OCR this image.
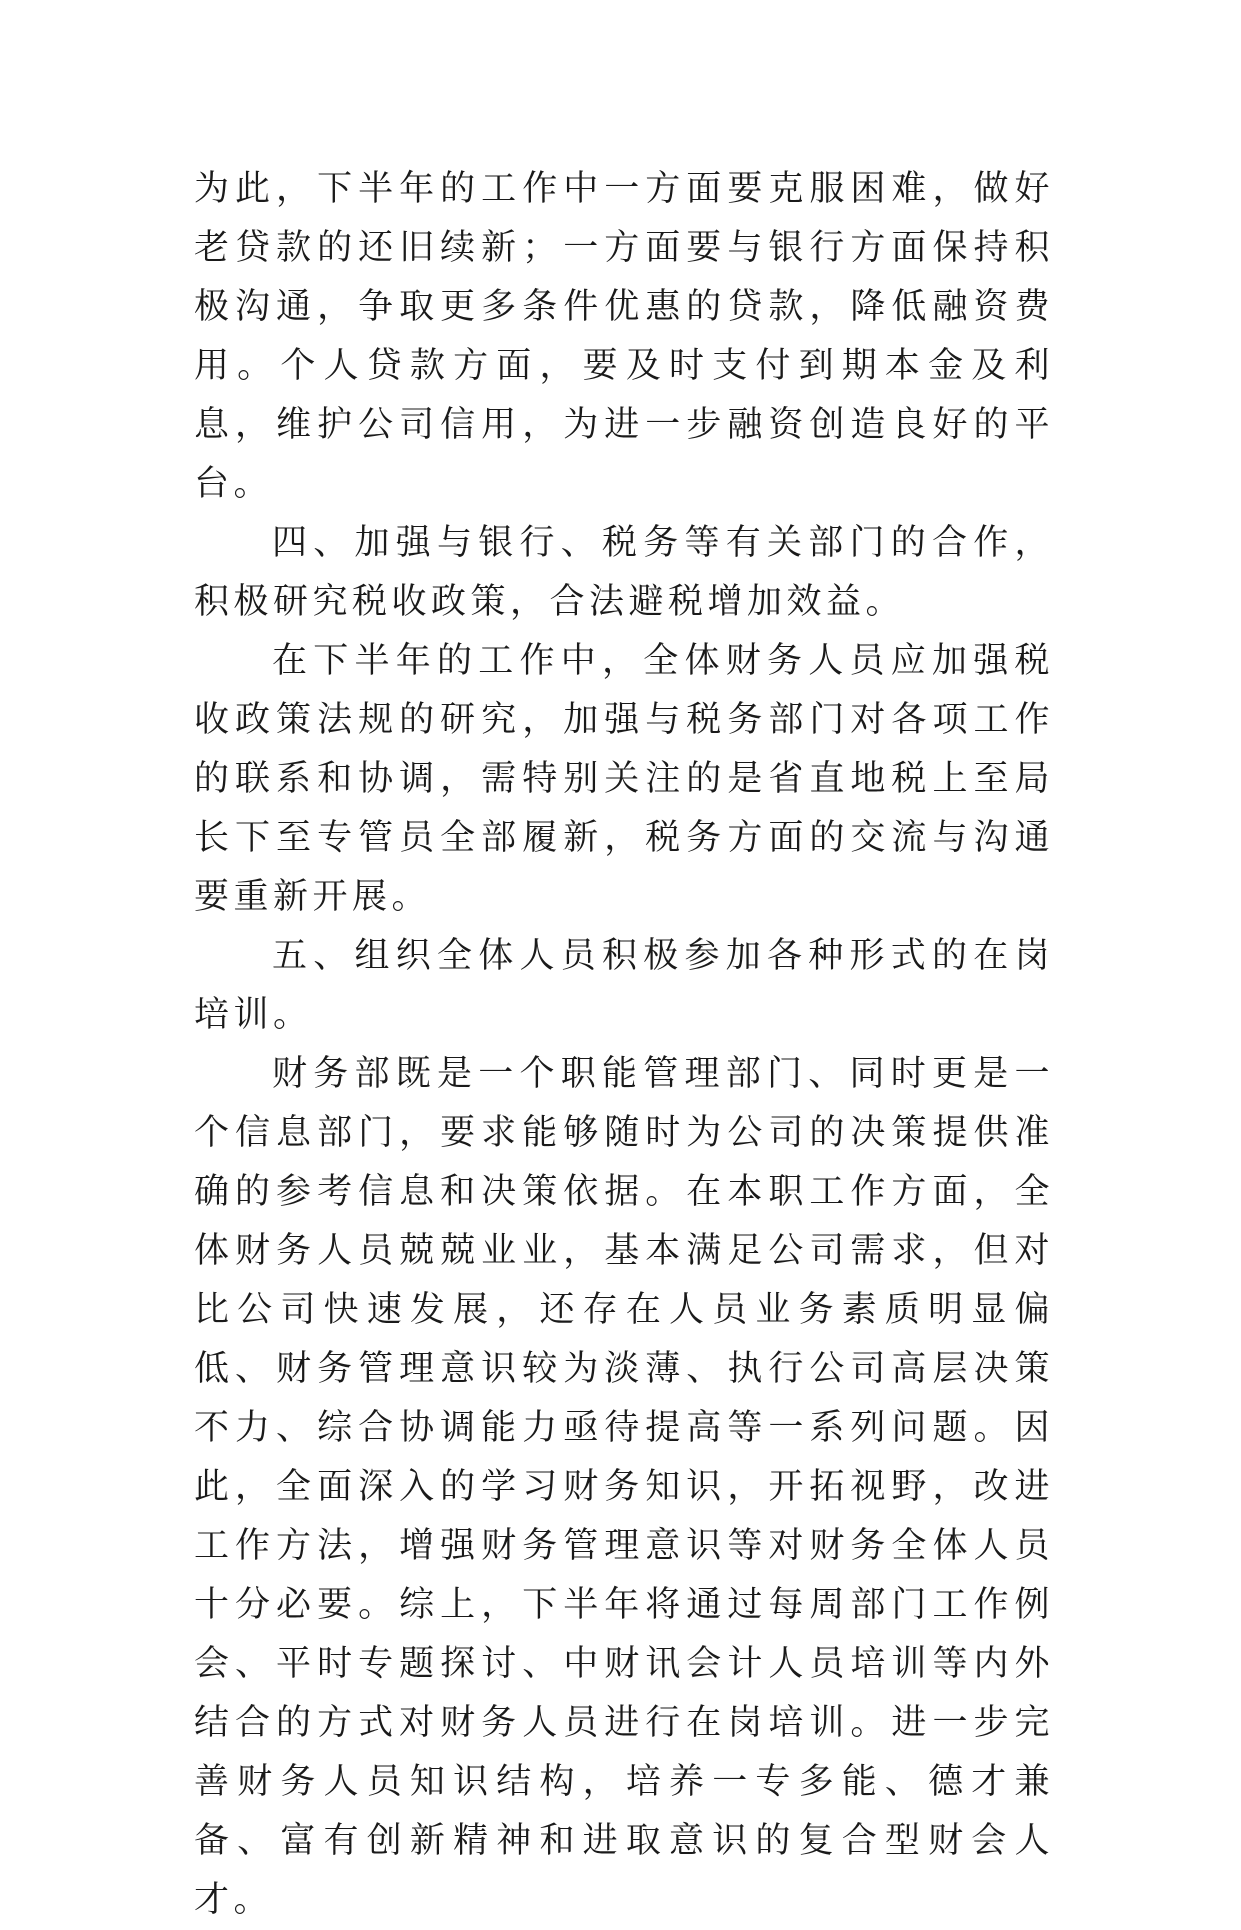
为此，下半年的工作中一方面要克服困难，做好老贷款的还旧续新；一方面要与银行方面保持积极沟通，争取更多条件优惠的贷款，降低融资费用。个人贷款方面，要及时支付到期本金及利息，维护公司信用，为进一步融资创造良好的平台。

四、加强与银行、税务等有关部门的合作，积极研究税收政策，合法避税增加效益。

在下半年的工作中，全体财务人员应加强税收政策法规的研究，加强与税务部门对各项工作的联系和协调，需特别关注的是省直地税上至局长下至专管员全部履新，税务方面的交流与沟通要重新开展。

五、组织全体人员积极参加各种形式的在岗培训。

财务部既是一个职能管理部门、同时更是一个信息部门，要求能够随时为公司的决策提供准确的参考信息和决策依据。在本职工作方面，全体财务人员兢兢业业，基本满足公司需求，但对比公司快速发展，还存在人员业务素质明显偏低、财务管理意识较为淡薄、执行公司高层决策不力、综合协调能力亟待提高等一系列问题。因此，全面深入的学习财务知识，开拓视野，改进工作方法，增强财务管理意识等对财务全体人员十分必要。综上，下半年将通过每周部门工作例会、平时专题探讨、中财讯会计人员培训等内外结合的方式对财务人员进行在岗培训。进一步完善财务人员知识结构，培养一专多能、德才兼备、富有创新精神和进取意识的复合型财会人才。
